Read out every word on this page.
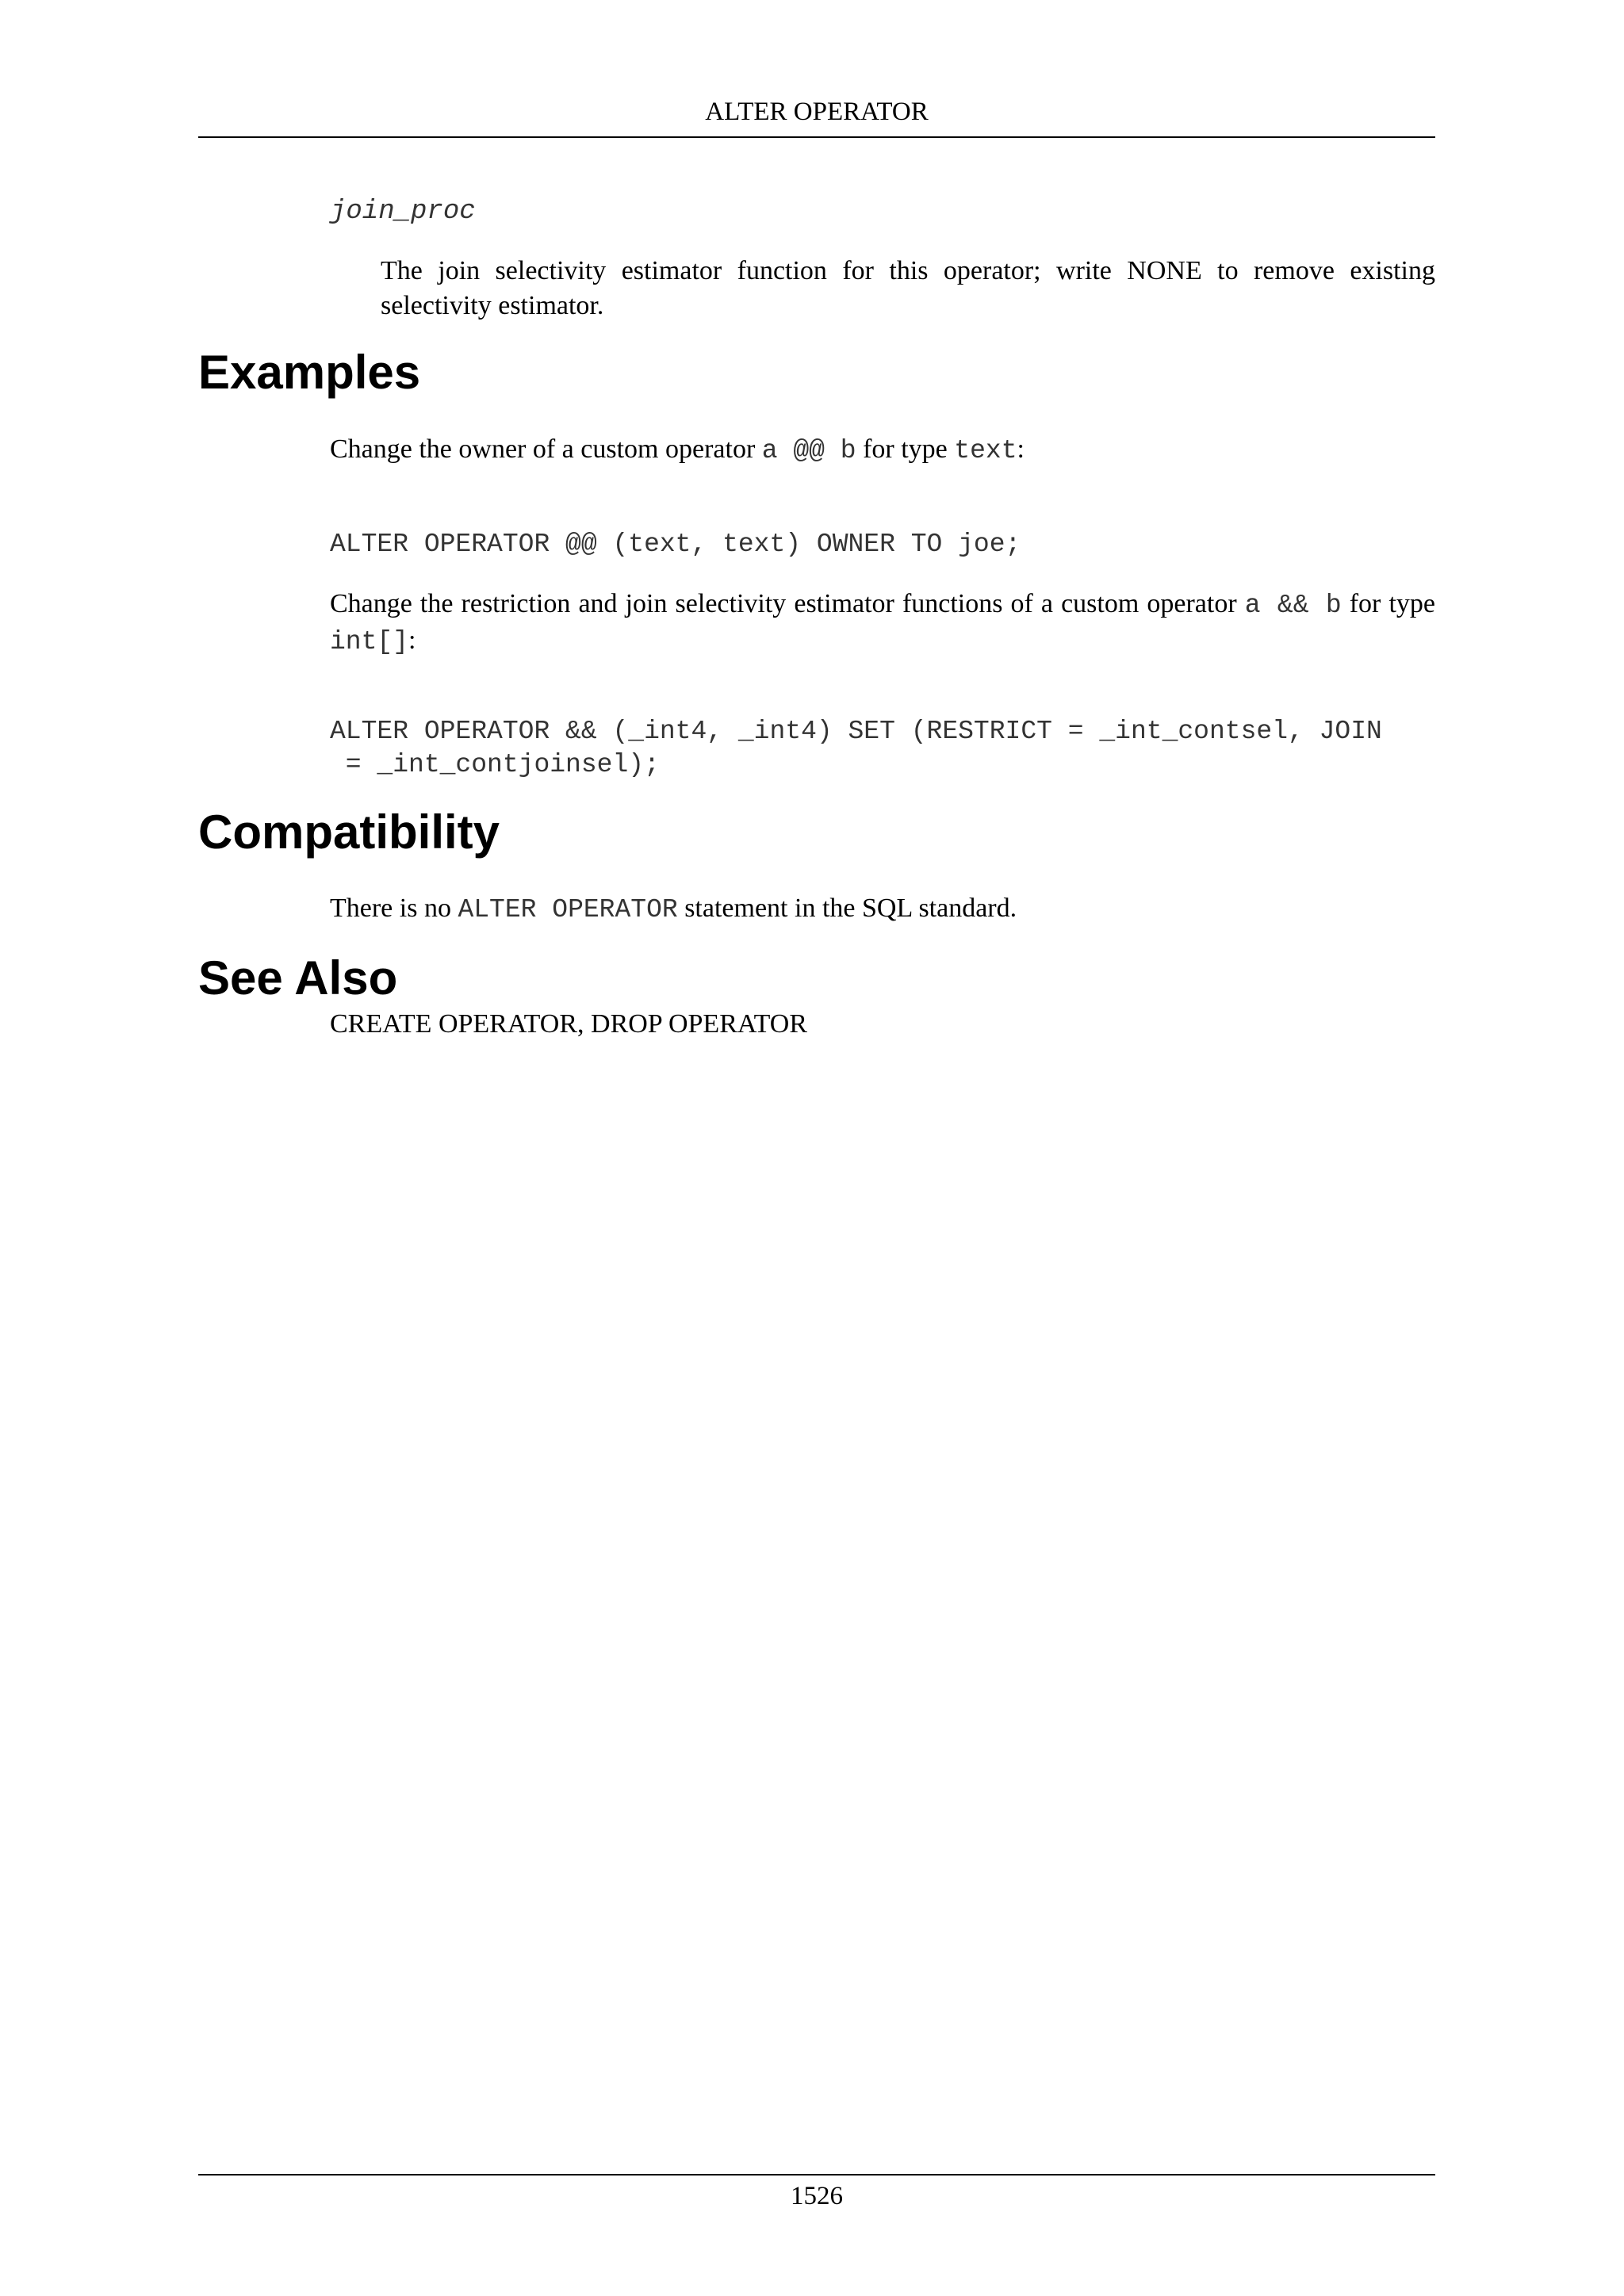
ALTER OPERATOR
join_proc
The join selectivity estimator function for this operator; write NONE to remove existing selectivity estimator.
Examples
Change the owner of a custom operator a @@ b for type text:
ALTER OPERATOR @@ (text, text) OWNER TO joe;
Change the restriction and join selectivity estimator functions of a custom operator a && b for type int[]:
ALTER OPERATOR && (_int4, _int4) SET (RESTRICT = _int_contsel, JOIN
= _int_contjoinsel);
Compatibility
There is no ALTER OPERATOR statement in the SQL standard.
See Also
CREATE OPERATOR, DROP OPERATOR
1526
